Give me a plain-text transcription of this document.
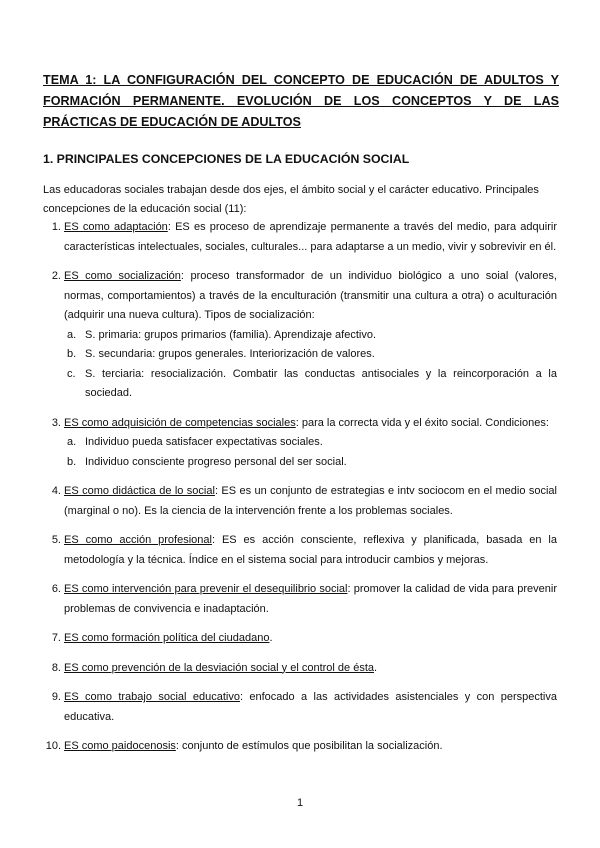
TEMA 1: LA CONFIGURACIÓN DEL CONCEPTO DE EDUCACIÓN DE ADULTOS Y FORMACIÓN PERMANENTE. EVOLUCIÓN DE LOS CONCEPTOS Y DE LAS PRÁCTICAS DE EDUCACIÓN DE ADULTOS
1. PRINCIPALES CONCEPCIONES DE LA EDUCACIÓN SOCIAL
Las educadoras sociales trabajan desde dos ejes, el ámbito social y el carácter educativo. Principales concepciones de la educación social (11):
1. ES como adaptación: ES es proceso de aprendizaje permanente a través del medio, para adquirir características intelectuales, sociales, culturales... para adaptarse a un medio, vivir y sobrevivir en él.
2. ES como socialización: proceso transformador de un individuo biológico a uno soial (valores, normas, comportamientos) a través de la enculturación (transmitir una cultura a otra) o aculturación (adquirir una nueva cultura). Tipos de socialización:
a. S. primaria: grupos primarios (familia). Aprendizaje afectivo.
b. S. secundaria: grupos generales. Interiorización de valores.
c. S. terciaria: resocialización. Combatir las conductas antisociales y la reincorporación a la sociedad.
3. ES como adquisición de competencias sociales: para la correcta vida y el éxito social. Condiciones:
a. Individuo pueda satisfacer expectativas sociales.
b. Individuo consciente progreso personal del ser social.
4. ES como didáctica de lo social: ES es un conjunto de estrategias e intv sociocom en el medio social (marginal o no). Es la ciencia de la intervención frente a los problemas sociales.
5. ES como acción profesional: ES es acción consciente, reflexiva y planificada, basada en la metodología y la técnica. Índice en el sistema social para introducir cambios y mejoras.
6. ES como intervención para prevenir el desequilibrio social: promover la calidad de vida para prevenir problemas de convivencia e inadaptación.
7. ES como formación política del ciudadano.
8. ES como prevención de la desviación social y el control de ésta.
9. ES como trabajo social educativo: enfocado a las actividades asistenciales y con perspectiva educativa.
10. ES como paidocenosis: conjunto de estímulos que posibilitan la socialización.
1
